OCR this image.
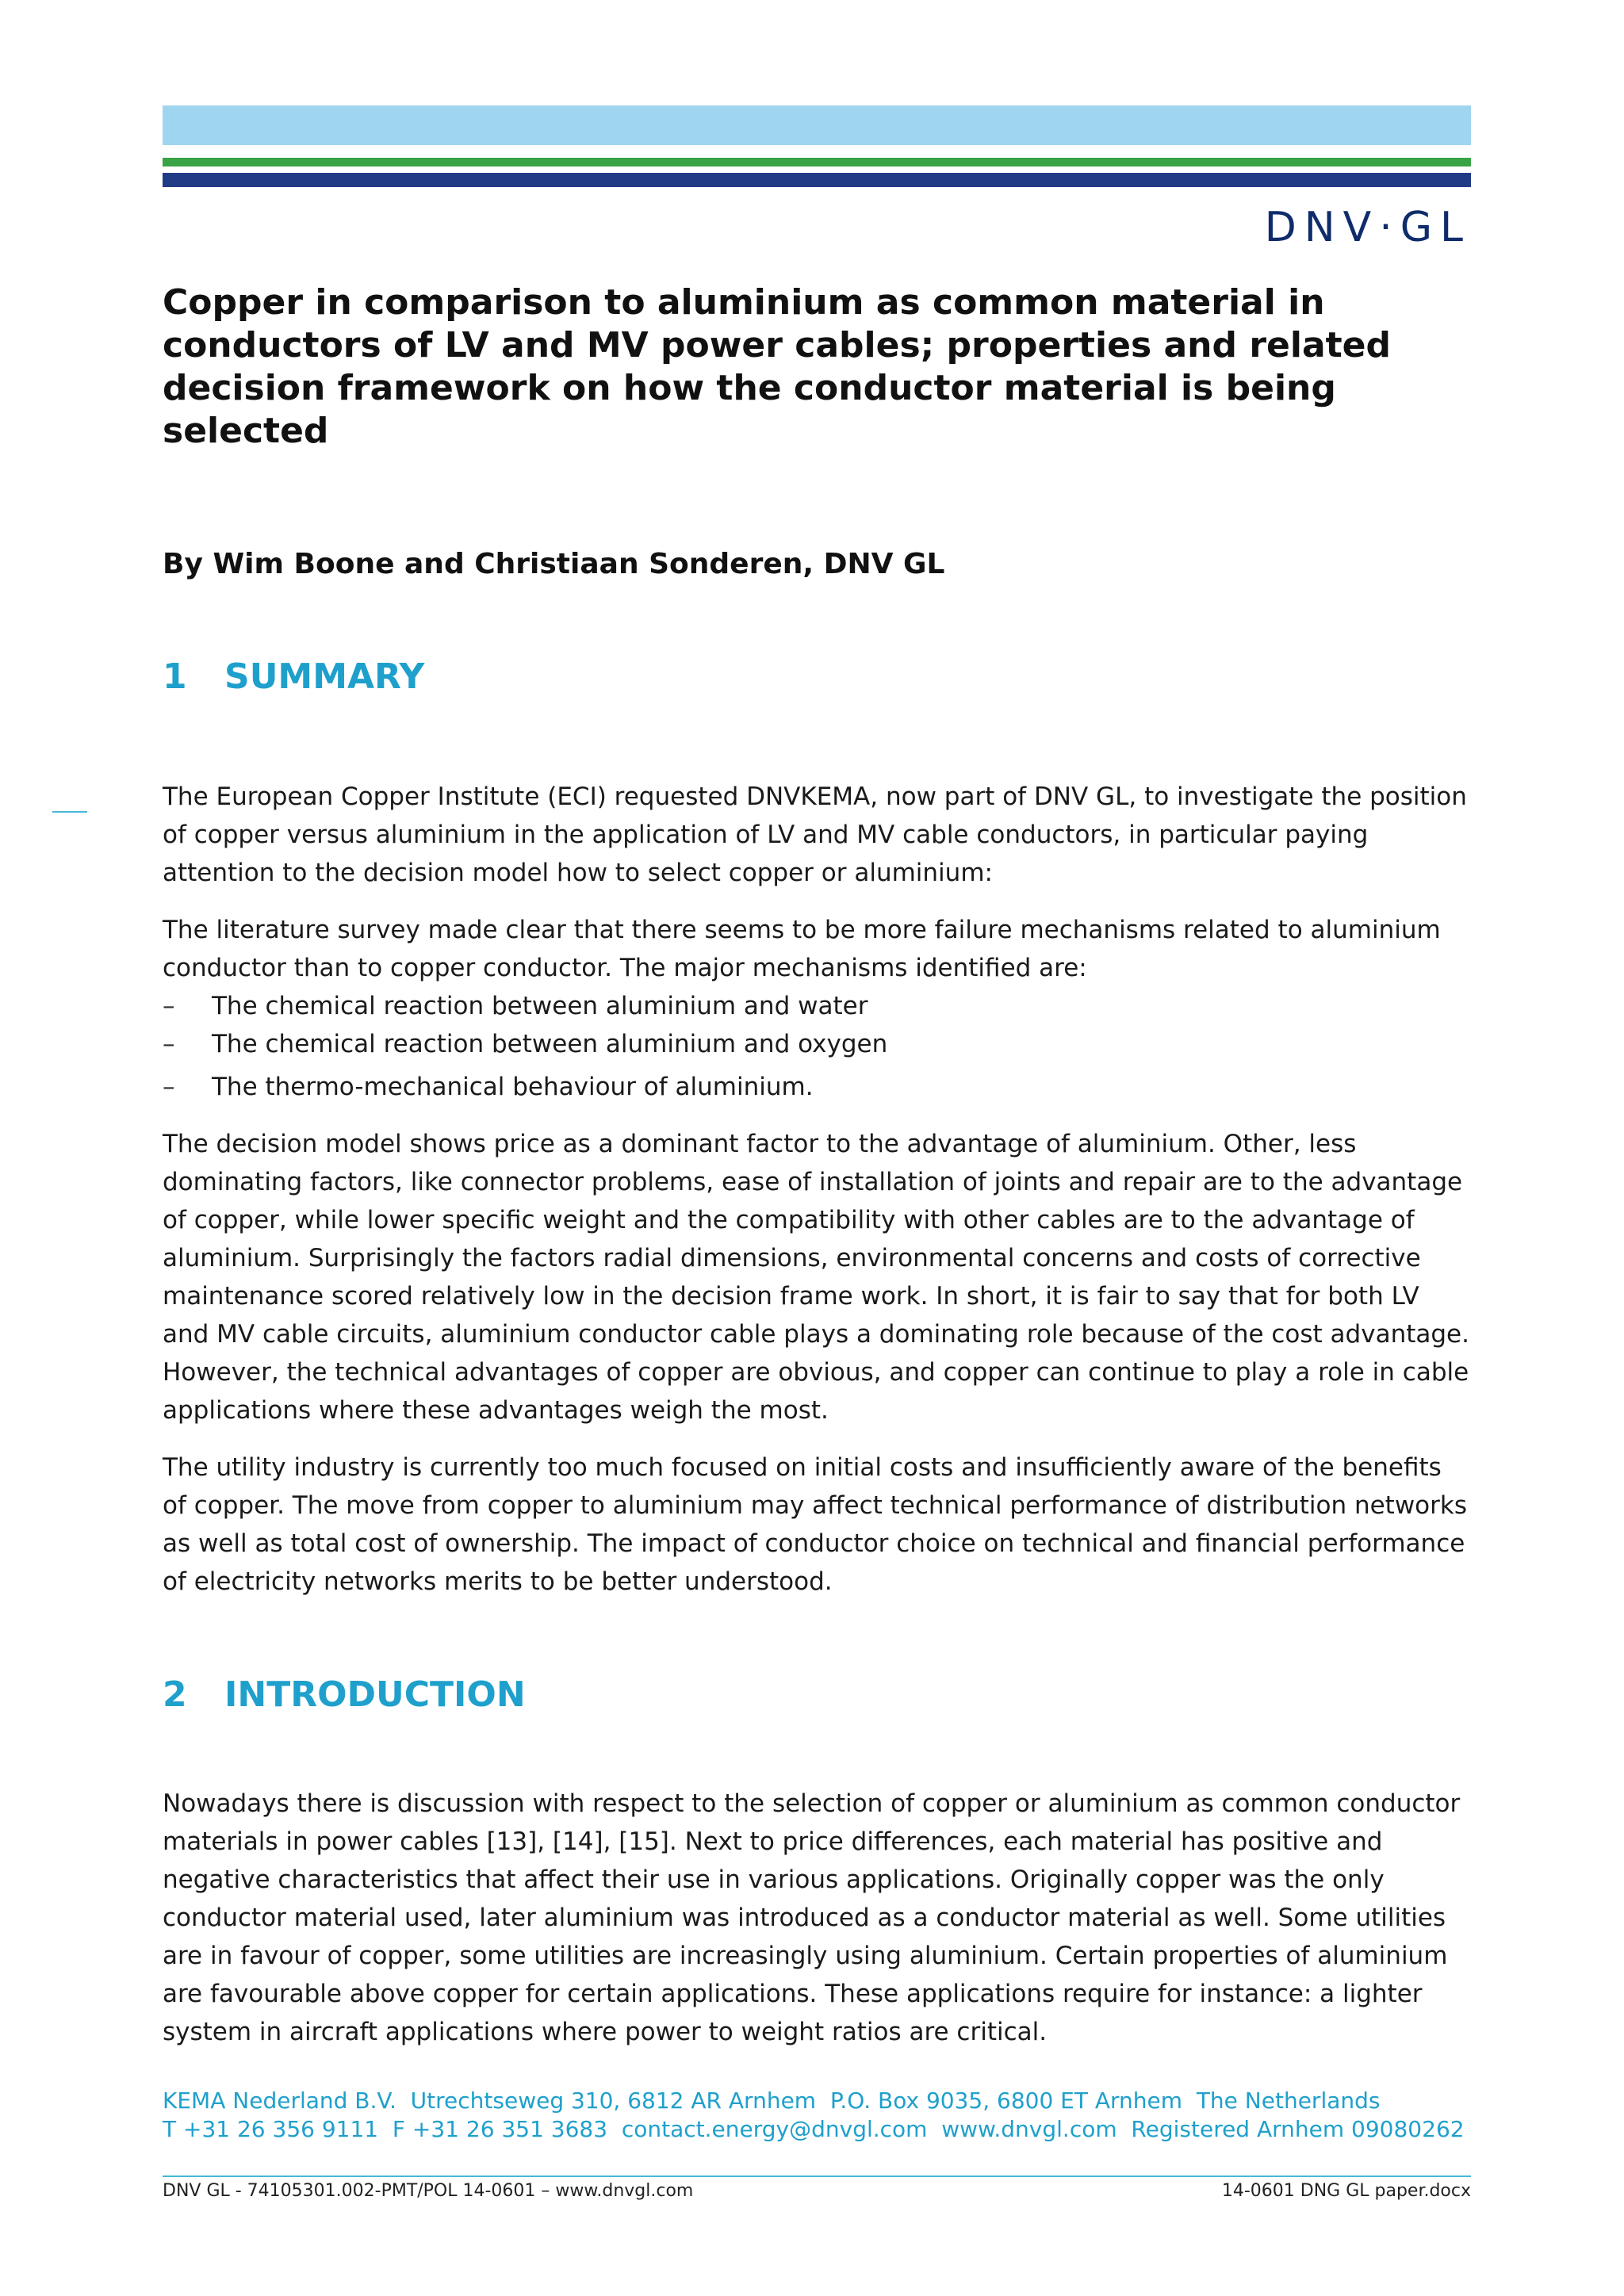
DNV·GL
Copper in comparison to aluminium as common material in conductors of LV and MV power cables; properties and related decision framework on how the conductor material is being selected
By Wim Boone and Christiaan Sonderen, DNV GL
1	SUMMARY

The European Copper Institute (ECI) requested DNVKEMA, now part of DNV GL, to investigate the position of copper versus aluminium in the application of LV and MV cable conductors, in particular paying attention to the decision model how to select copper or aluminium:

The literature survey made clear that there seems to be more failure mechanisms related to aluminium conductor than to copper conductor. The major mechanisms identified are:

–	The chemical reaction between aluminium and water
–	The chemical reaction between aluminium and oxygen
–	The thermo-mechanical behaviour of aluminium.

The decision model shows price as a dominant factor to the advantage of aluminium. Other, less dominating factors, like connector problems, ease of installation of joints and repair are to the advantage of copper, while lower specific weight and the compatibility with other cables are to the advantage of aluminium. Surprisingly the factors radial dimensions, environmental concerns and costs of corrective maintenance scored relatively low in the decision frame work. In short, it is fair to say that for both LV and MV cable circuits, aluminium conductor cable plays a dominating role because of the cost advantage. However, the technical advantages of copper are obvious, and copper can continue to play a role in cable applications where these advantages weigh the most.

The utility industry is currently too much focused on initial costs and insufficiently aware of the benefits of copper. The move from copper to aluminium may affect technical performance of distribution networks as well as total cost of ownership. The impact of conductor choice on technical and financial performance of electricity networks merits to be better understood.

2	INTRODUCTION

Nowadays there is discussion with respect to the selection of copper or aluminium as common conductor materials in power cables [13], [14], [15]. Next to price differences, each material has positive and negative characteristics that affect their use in various applications. Originally copper was the only conductor material used, later aluminium was introduced as a conductor material as well. Some utilities are in favour of copper, some utilities are increasingly using aluminium. Certain properties of aluminium are favourable above copper for certain applications. These applications require for instance: a lighter system in aircraft applications where power to weight ratios are critical.

KEMA Nederland B.V.  Utrechtseweg 310, 6812 AR Arnhem  P.O. Box 9035, 6800 ET Arnhem  The Netherlands
T +31 26 356 9111  F +31 26 351 3683  contact.energy@dnvgl.com  www.dnvgl.com  Registered Arnhem 09080262
DNV GL - 74105301.002-PMT/POL 14-0601 – www.dnvgl.com	14-0601 DNG GL paper.docx
